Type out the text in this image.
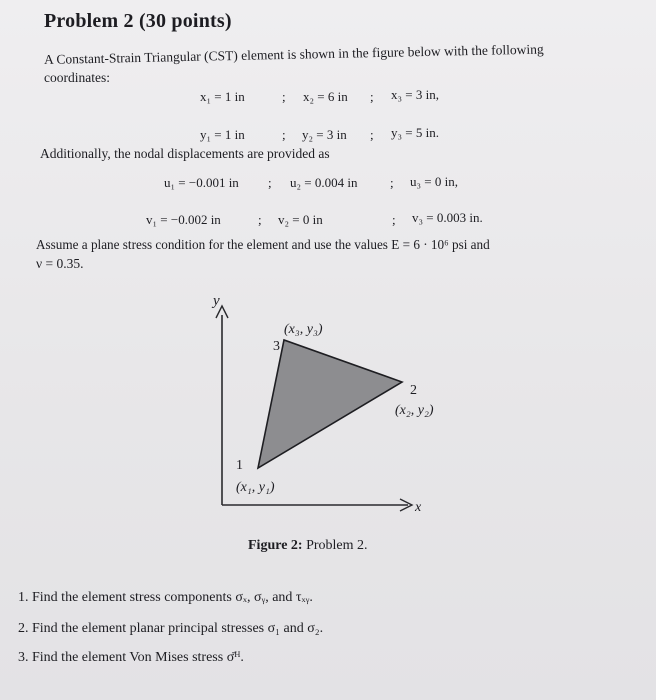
Problem 2 (30 points)
A Constant-Strain Triangular (CST) element is shown in the figure below with the following
coordinates:
x₁ = 1 in	; x₂ = 6 in ; x₃ = 3 in,
y₁ = 1 in	; y₂ = 3 in ; y₃ = 5 in.
Additionally, the nodal displacements are provided as
u₁ = −0.001 in ; u₂ = 0.004 in	; u₃ = 0 in,
v₁ = −0.002 in	; v₂ = 0 in	; v₃ = 0.003 in.
Assume a plane stress condition for the element and use the values E = 6 · 10⁶ psi and
ν = 0.35.
y
x
3
(x₃, y₃)
2
(x₂, y₂)
1
(x₁, y₁)
Figure 2: Problem 2.
1. Find the element stress components σₓ, σᵧ, and τₓᵧ.
2. Find the element planar principal stresses σ₁ and σ₂.
3. Find the element Von Mises stress σ̄ᴴ.
